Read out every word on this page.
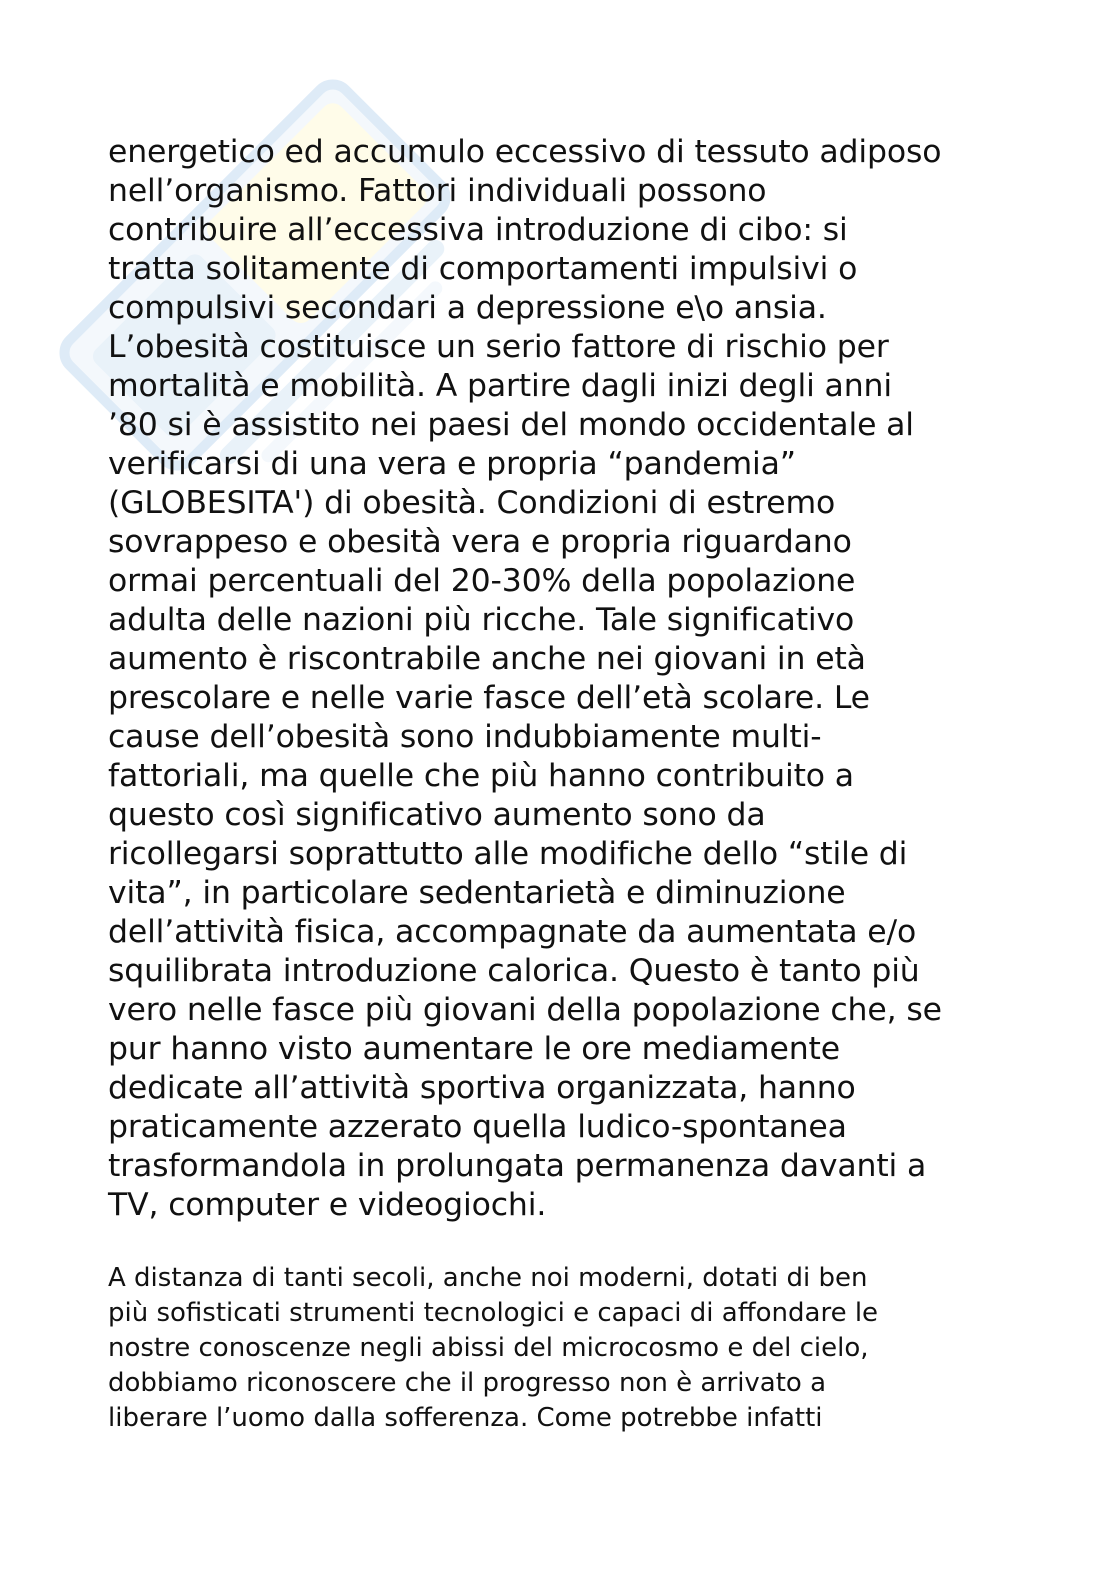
energetico ed accumulo eccessivo di tessuto adiposo

nell’organismo. Fattori individuali possono

contribuire all’eccessiva introduzione di cibo: si

tratta solitamente di comportamenti impulsivi o

compulsivi secondari a depressione e\o ansia.

L’obesità costituisce un serio fattore di rischio per

mortalità e mobilità. A partire dagli inizi degli anni

’80 si è assistito nei paesi del mondo occidentale al

verificarsi di una vera e propria “pandemia”

(GLOBESITA') di obesità. Condizioni di estremo

sovrappeso e obesità vera e propria riguardano

ormai percentuali del 20-30% della popolazione

adulta delle nazioni più ricche. Tale significativo

aumento è riscontrabile anche nei giovani in età

prescolare e nelle varie fasce dell’età scolare. Le

cause dell’obesità sono indubbiamente multi-

fattoriali, ma quelle che più hanno contribuito a

questo così significativo aumento sono da

ricollegarsi soprattutto alle modifiche dello “stile di

vita”, in particolare sedentarietà e diminuzione

dell’attività fisica, accompagnate da aumentata e/o

squilibrata introduzione calorica. Questo è tanto più

vero nelle fasce più giovani della popolazione che, se

pur hanno visto aumentare le ore mediamente

dedicate all’attività sportiva organizzata, hanno

praticamente azzerato quella ludico-spontanea

trasformandola in prolungata permanenza davanti a

TV, computer e videogiochi.

A distanza di tanti secoli, anche noi moderni, dotati di ben

più sofisticati strumenti tecnologici e capaci di affondare le

nostre conoscenze negli abissi del microcosmo e del cielo,

dobbiamo riconoscere che il progresso non è arrivato a

liberare l’uomo dalla sofferenza. Come potrebbe infatti
